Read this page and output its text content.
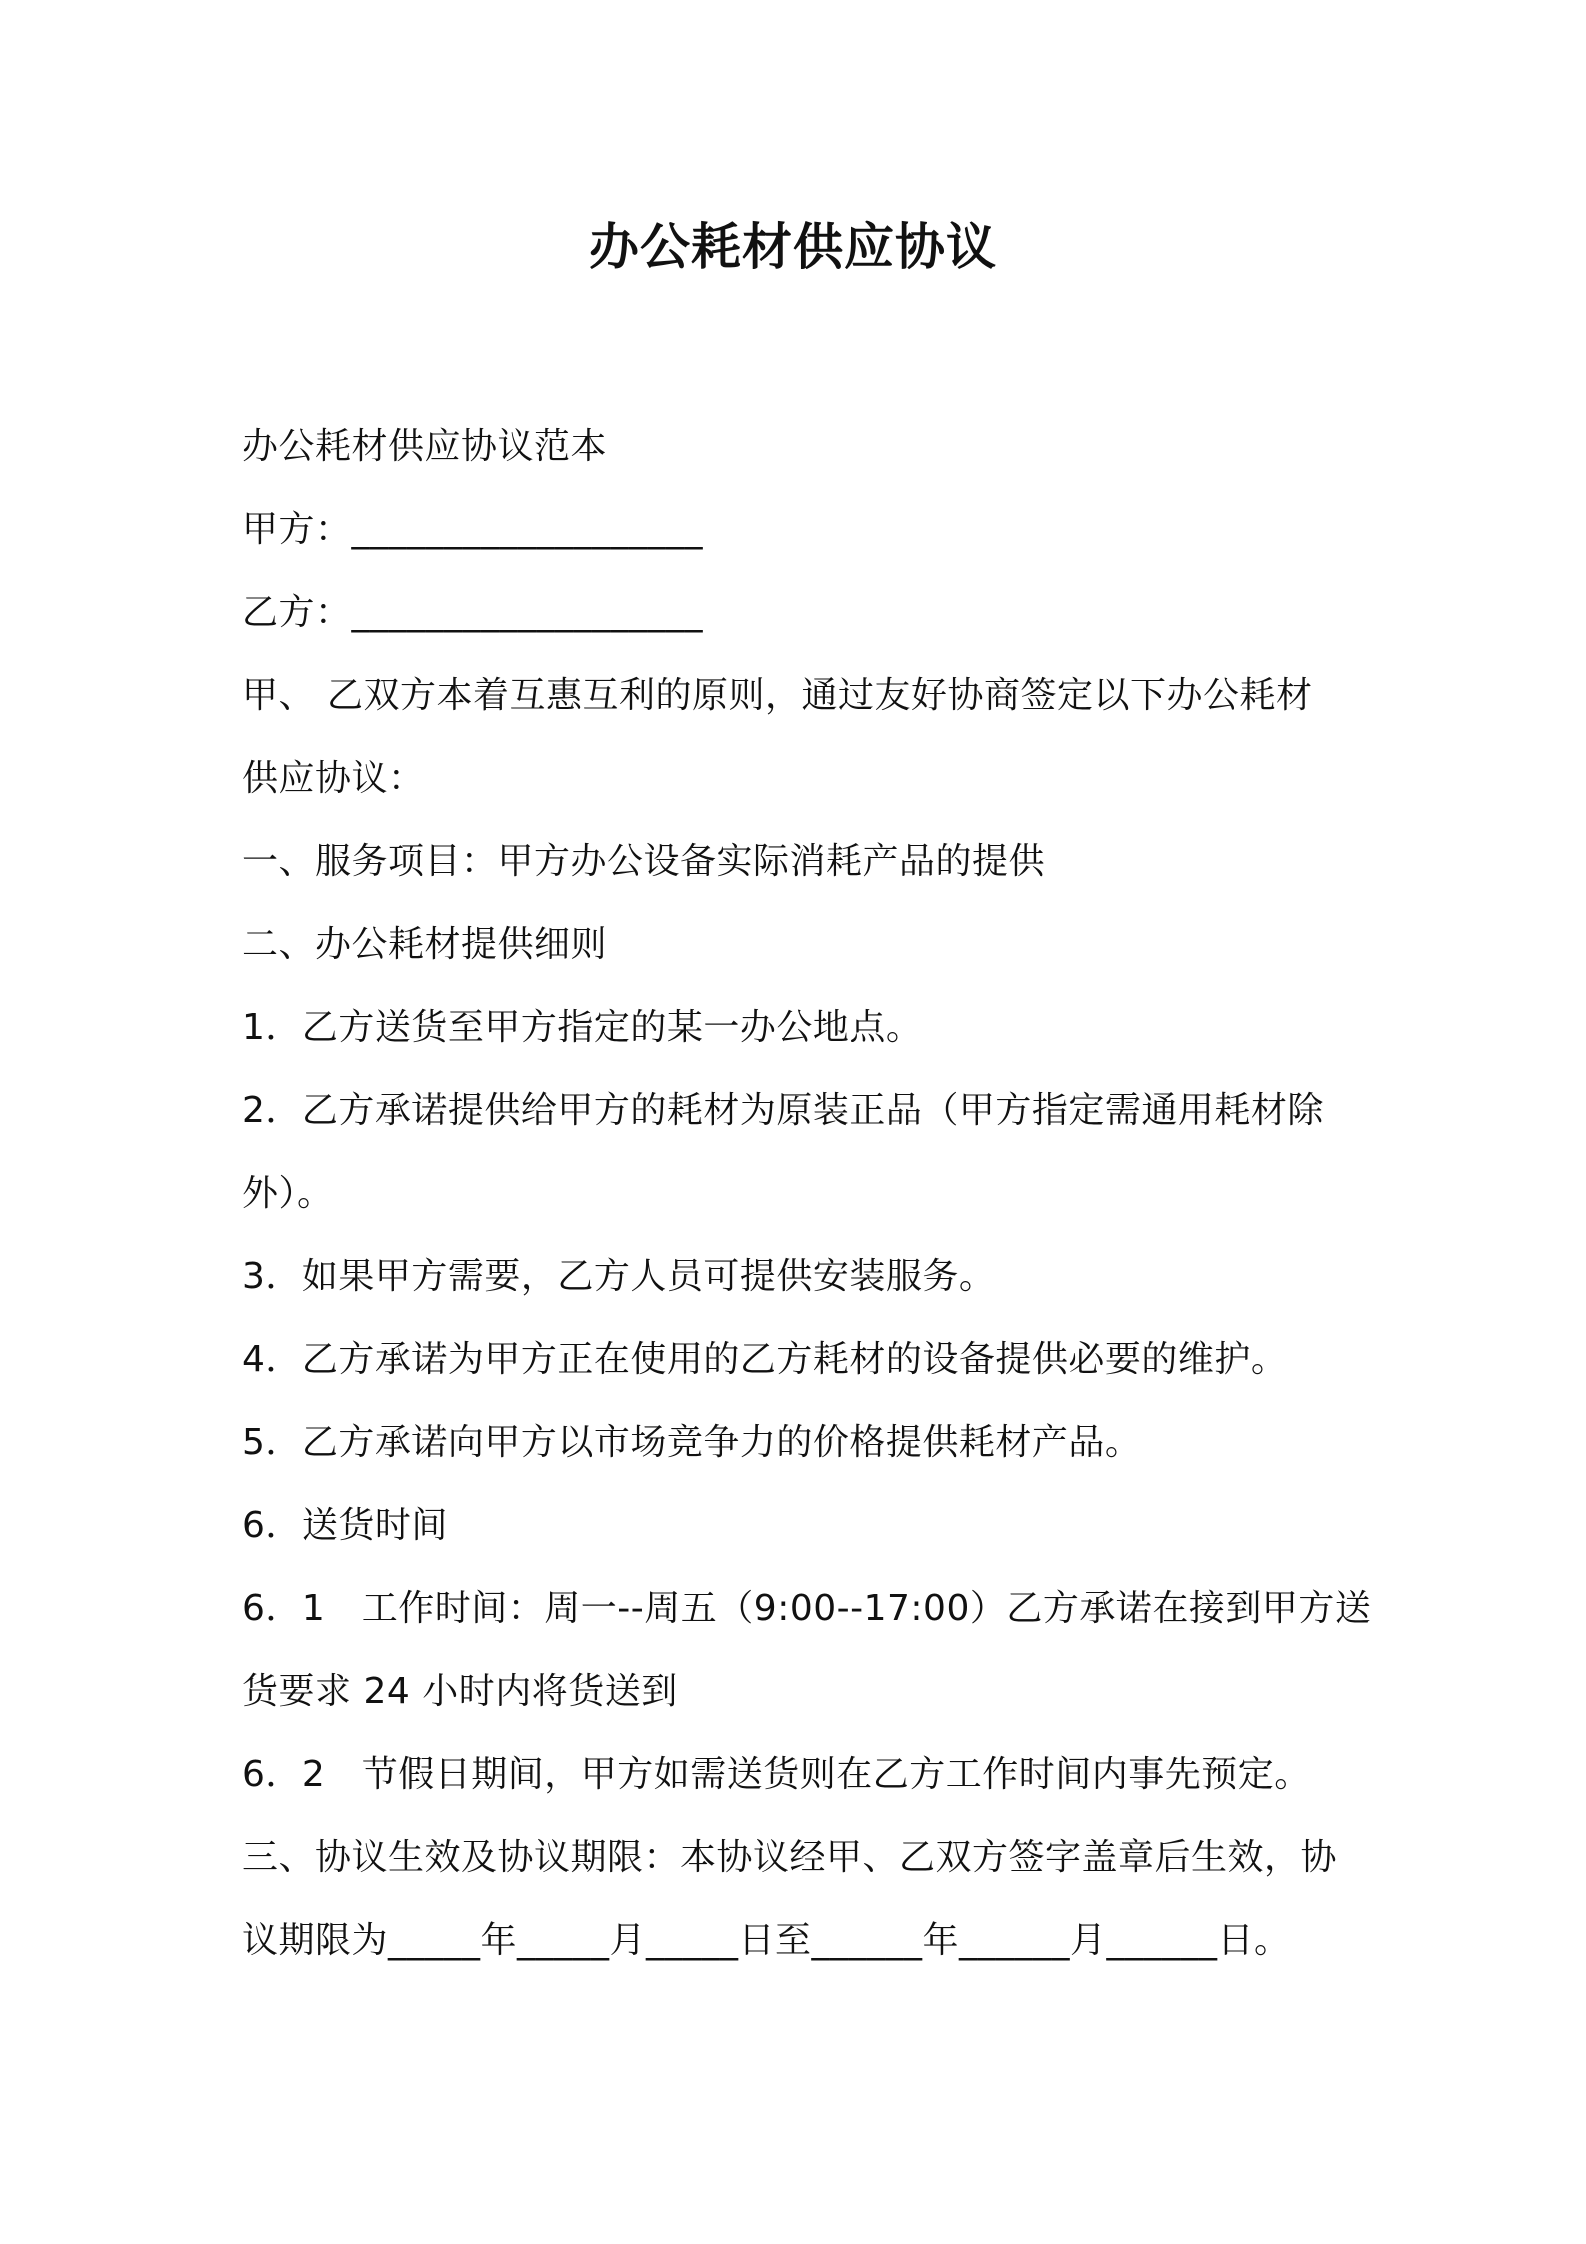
办公耗材供应协议
办公耗材供应协议范本
甲方：___________________
乙方：___________________
甲、 乙双方本着互惠互利的原则，通过友好协商签定以下办公耗材
供应协议：
一、服务项目：甲方办公设备实际消耗产品的提供
二、办公耗材提供细则
1．乙方送货至甲方指定的某一办公地点。
2．乙方承诺提供给甲方的耗材为原装正品（甲方指定需通用耗材除
外）。
3．如果甲方需要，乙方人员可提供安装服务。
4．乙方承诺为甲方正在使用的乙方耗材的设备提供必要的维护。
5．乙方承诺向甲方以市场竞争力的价格提供耗材产品。
6．送货时间
6．1　工作时间：周一--周五（9:00--17:00）乙方承诺在接到甲方送
货要求 24 小时内将货送到
6．2　节假日期间，甲方如需送货则在乙方工作时间内事先预定。
三、协议生效及协议期限：本协议经甲、乙双方签字盖章后生效，协
议期限为_____年_____月_____日至______年______月______日。
